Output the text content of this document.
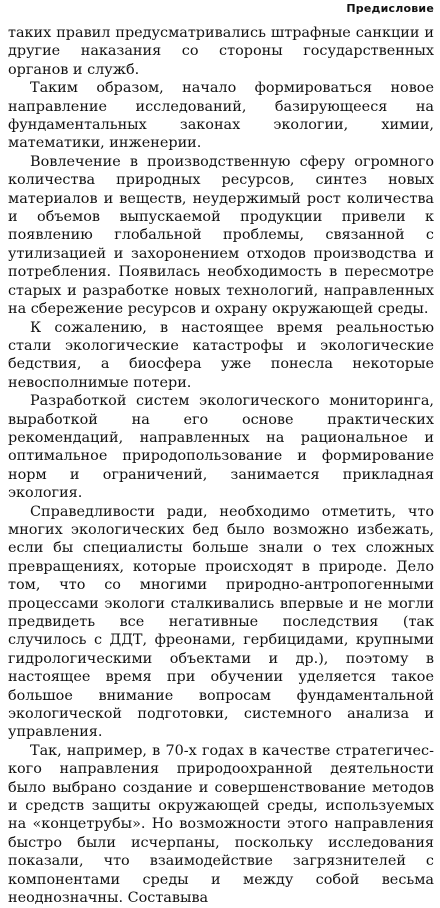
Предисловие

таких правил предусматривались штрафные санкции и другие наказания со стороны государственных органов и служб.

Таким образом, начало формироваться новое направление исследований, базирующееся на фундаментальных законах экологии, химии, математики, инженерии.

Вовлечение в производственную сферу огромного количества природных ресурсов, синтез новых материалов и веществ, неудержимый рост количества и объемов выпускаемой продукции привели к появлению глобальной проблемы, связанной с утилизацией и захоронением отходов производства и потребления. Появилась необходимость в пересмотре старых и разработке новых технологий, направленных на сбережение ресурсов и охрану окружающей среды.

К сожалению, в настоящее время реальностью стали экологические катастрофы и экологические бедствия, а биосфера уже понесла некоторые невосполнимые потери.

Разработкой систем экологического мониторинга, выработкой на его основе практических рекомендаций, направленных на рациональное и оптимальное природопользование и формирование норм и ограничений, занимается прикладная экология.

Справедливости ради, необходимо отметить, что многих экологических бед было возможно избежать, если бы специалисты больше знали о тех сложных превращениях, которые происходят в природе. Дело том, что со многими природно-антропогенными процессами экологи сталкивались впервые и не могли предвидеть все негативные последствия (так случилось с ДДТ, фреонами, гербицидами, крупными гидрологическими объектами и др.), поэтому в настоящее время при обучении уделяется такое большое внимание вопросам фундаментальной экологической подготовки, системного анализа и управления.

Так, например, в 70-х годах в качестве стратегического направления природоохранной деятельности было выбрано создание и совершенствование методов и средств защиты окружающей среды, используемых на «концетрубы». Но возможности этого направления быстро были исчерпаны, поскольку исследования показали, что взаимодействие загрязнителей с компонентами среды и между собой весьма неоднозначны. Составыва
